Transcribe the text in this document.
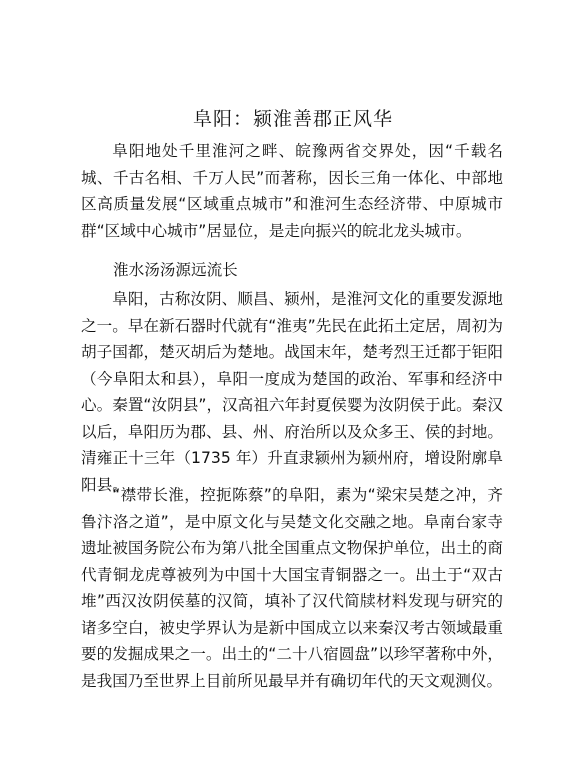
阜阳：颍淮善郡正风华

阜阳地处千里淮河之畔、皖豫两省交界处，因“千载名城、千古名相、千万人民”而著称，因长三角一体化、中部地区高质量发展“区域重点城市”和淮河生态经济带、中原城市群“区域中心城市”居显位，是走向振兴的皖北龙头城市。

淮水汤汤源远流长

阜阳，古称汝阴、顺昌、颍州，是淮河文化的重要发源地之一。早在新石器时代就有“淮夷”先民在此拓土定居，周初为胡子国都，楚灭胡后为楚地。战国末年，楚考烈王迁都于钜阳（今阜阳太和县），阜阳一度成为楚国的政治、军事和经济中心。秦置“汝阴县”，汉高祖六年封夏侯婴为汝阴侯于此。秦汉以后，阜阳历为郡、县、州、府治所以及众多王、侯的封地。清雍正十三年（1735 年）升直隶颍州为颍州府，增设附廓阜阳县。

“襟带长淮，控扼陈蔡”的阜阳，素为“梁宋吴楚之冲，齐鲁汴洛之道”，是中原文化与吴楚文化交融之地。阜南台家寺遗址被国务院公布为第八批全国重点文物保护单位，出土的商代青铜龙虎尊被列为中国十大国宝青铜器之一。出土于“双古堆”西汉汝阴侯墓的汉简，填补了汉代简牍材料发现与研究的诸多空白，被史学界认为是新中国成立以来秦汉考古领域最重要的发掘成果之一。出土的“二十八宿圆盘”以珍罕著称中外，是我国乃至世界上目前所见最早并有确切年代的天文观测仪。
